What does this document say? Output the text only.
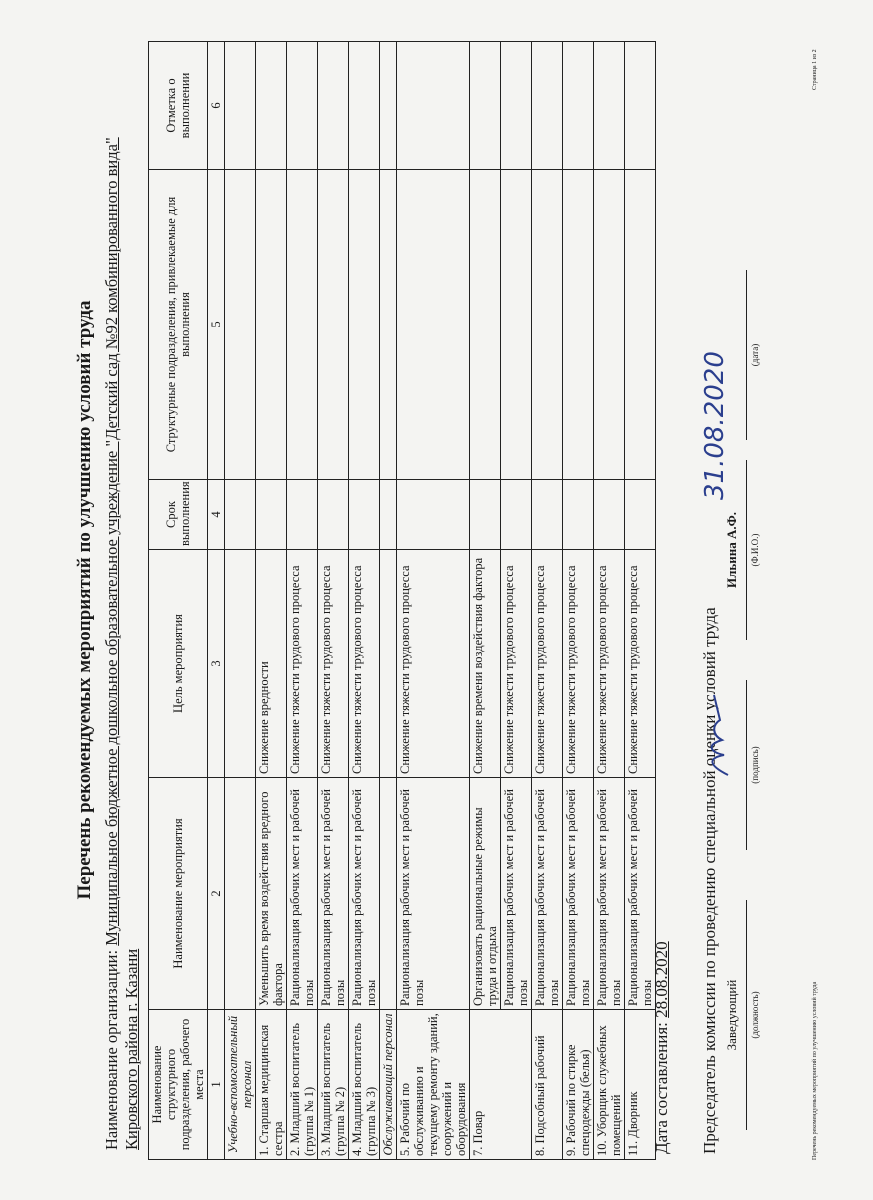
Перечень рекомендуемых мероприятий по улучшению условий труда
Наименование организации: Муниципальное бюджетное дошкольное образовательное учреждение "Детский сад №92 комбинированного вида"
Кировского района г. Казани Наименование структурного подразделения, рабочего места	Наименование мероприятия	Цель мероприятия	Срок выполнения	Структурные подразделения, привлекаемые для выполнения	Отметка о выполнении
1	2	3	4	5	6
Учебно-вспомогательный персонал					
1. Старшая медицинская сестра	Уменьшить время воздействия вредного фактора	Снижение вредности			
2. Младший воспитатель (группа № 1)	Рационализация рабочих мест и рабочей позы	Снижение тяжести трудового процесса			
3. Младший воспитатель (группа № 2)	Рационализация рабочих мест и рабочей позы	Снижение тяжести трудового процесса			
4. Младший воспитатель (группа № 3)	Рационализация рабочих мест и рабочей позы	Снижение тяжести трудового процесса			
Обслуживающий персонал					
5. Рабочий по обслуживанию и текущему ремонту зданий, сооружений и оборудования	Рационализация рабочих мест и рабочей позы	Снижение тяжести трудового процесса			
7. Повар	Организовать рациональные режимы труда и отдыха	Снижение времени воздействия фактора			
	Рационализация рабочих мест и рабочей позы	Снижение тяжести трудового процесса			
8. Подсобный рабочий	Рационализация рабочих мест и рабочей позы	Снижение тяжести трудового процесса			
9. Рабочий по стирке спецодежды (белья)	Рационализация рабочих мест и рабочей позы	Снижение тяжести трудового процесса			
10. Уборщик служебных помещений	Рационализация рабочих мест и рабочей позы	Снижение тяжести трудового процесса			
11. Дворник	Рационализация рабочих мест и рабочей позы	Снижение тяжести трудового процесса			
Дата составления: 28.08.2020 Председатель комиссии по проведению специальной оценки условий труда Заведующий	(должность)
(подпись)
Ильина А.Ф.	(Ф.И.О.)
(дата)
31.08.2020
Перечень рекомендуемых мероприятий по улучшению условий труда
Страница 1 из 2
